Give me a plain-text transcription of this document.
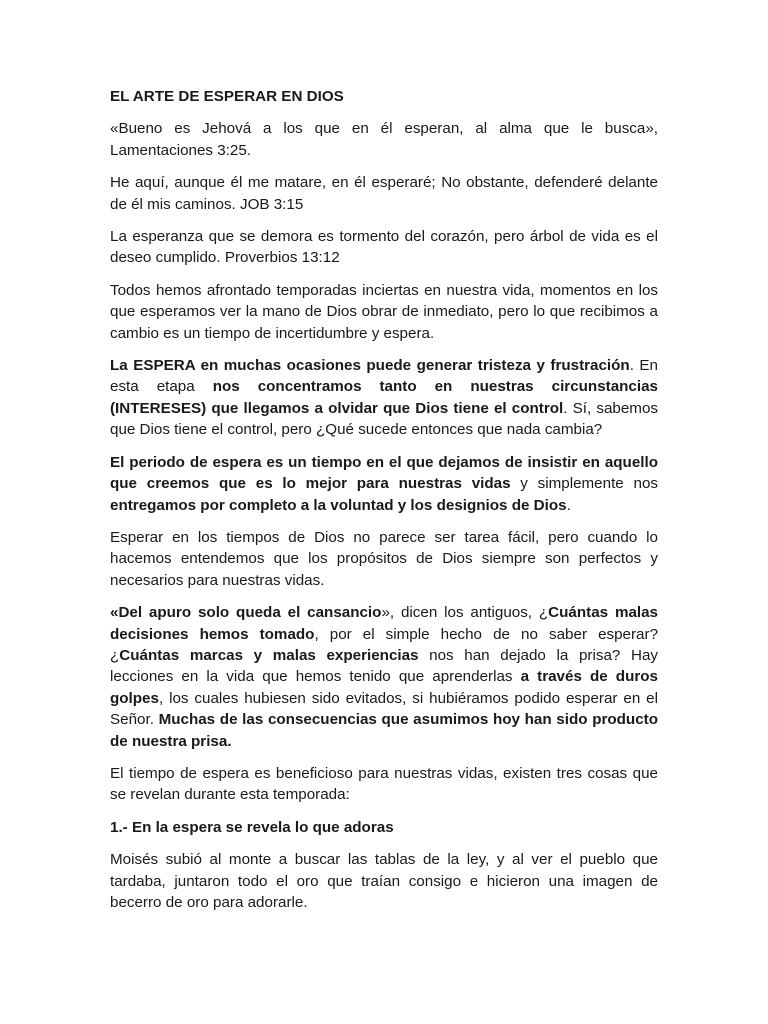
EL ARTE DE ESPERAR EN DIOS

«Bueno es Jehová a los que en él esperan, al alma que le busca», Lamentaciones 3:25.

He aquí, aunque él me matare, en él esperaré; No obstante, defenderé delante de él mis caminos. JOB 3:15

La esperanza que se demora es tormento del corazón, pero árbol de vida es el deseo cumplido. Proverbios 13:12

Todos hemos afrontado temporadas inciertas en nuestra vida, momentos en los que esperamos ver la mano de Dios obrar de inmediato, pero lo que recibimos a cambio es un tiempo de incertidumbre y espera.

La ESPERA en muchas ocasiones puede generar tristeza y frustración. En esta etapa nos concentramos tanto en nuestras circunstancias (INTERESES) que llegamos a olvidar que Dios tiene el control. Sí, sabemos que Dios tiene el control, pero ¿Qué sucede entonces que nada cambia?

El periodo de espera es un tiempo en el que dejamos de insistir en aquello que creemos que es lo mejor para nuestras vidas y simplemente nos entregamos por completo a la voluntad y los designios de Dios.

Esperar en los tiempos de Dios no parece ser tarea fácil, pero cuando lo hacemos entendemos que los propósitos de Dios siempre son perfectos y necesarios para nuestras vidas.

«Del apuro solo queda el cansancio», dicen los antiguos, ¿Cuántas malas decisiones hemos tomado, por el simple hecho de no saber esperar? ¿Cuántas marcas y malas experiencias nos han dejado la prisa? Hay lecciones en la vida que hemos tenido que aprenderlas a través de duros golpes, los cuales hubiesen sido evitados, si hubiéramos podido esperar en el Señor. Muchas de las consecuencias que asumimos hoy han sido producto de nuestra prisa.

El tiempo de espera es beneficioso para nuestras vidas, existen tres cosas que se revelan durante esta temporada:

1.- En la espera se revela lo que adoras

Moisés subió al monte a buscar las tablas de la ley, y al ver el pueblo que tardaba, juntaron todo el oro que traían consigo e hicieron una imagen de becerro de oro para adorarle.
